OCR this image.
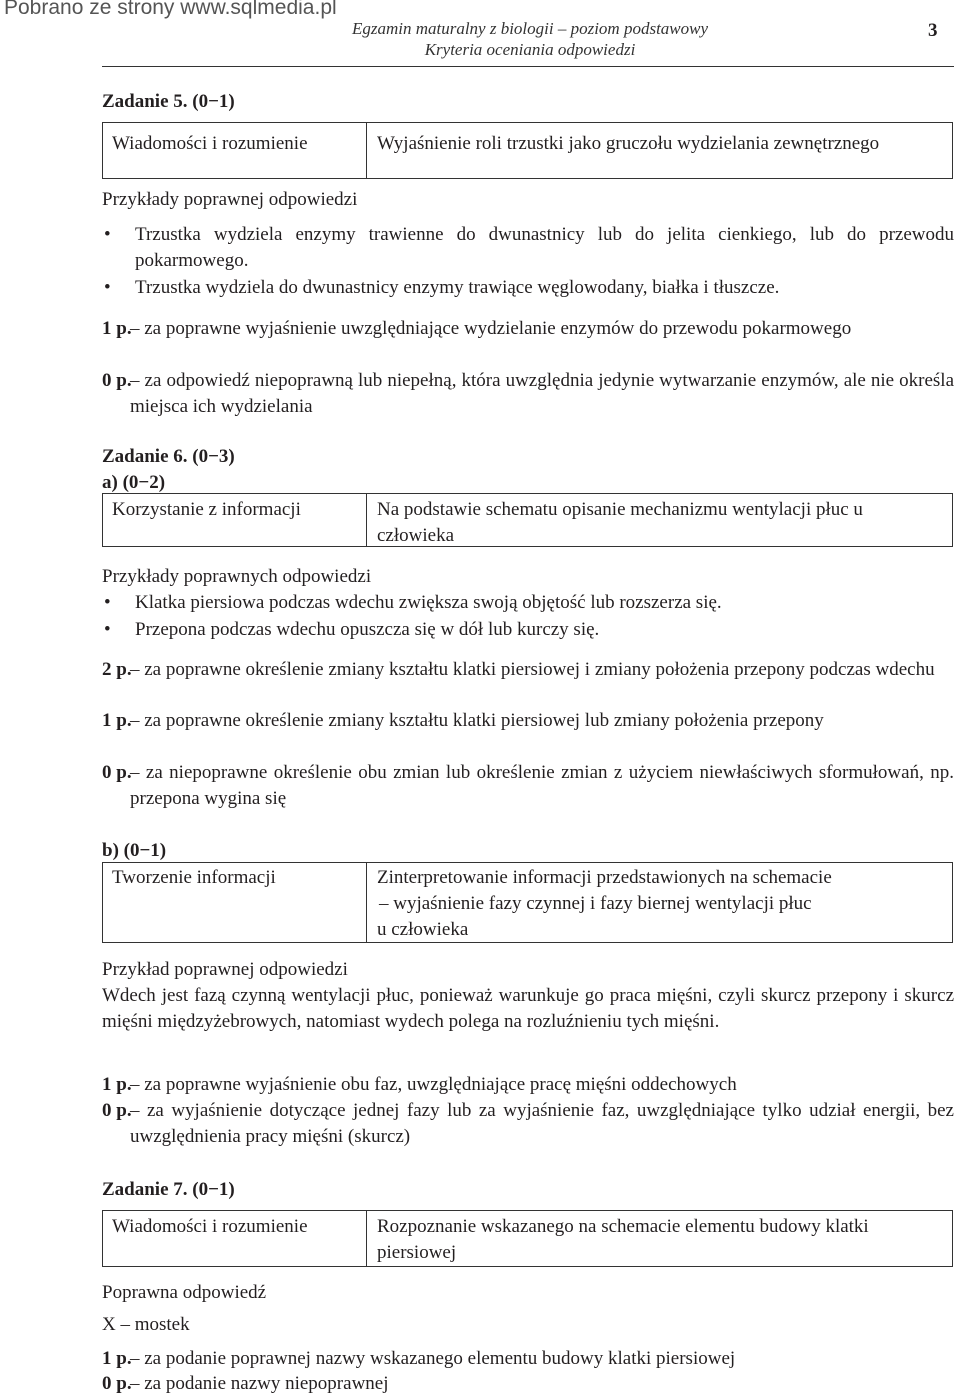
Pobrano ze strony www.sqlmedia.pl
Egzamin maturalny z biologii – poziom podstawowy
Kryteria oceniania odpowiedzi
3
Zadanie 5. (0−1)
Wiadomości i rozumienie	Wyjaśnienie roli trzustki jako gruczołu wydzielania zewnętrznego
Przykłady poprawnej odpowiedzi
• Trzustka wydziela enzymy trawienne do dwunastnicy lub do jelita cienkiego, lub do przewodu pokarmowego.
• Trzustka wydziela do dwunastnicy enzymy trawiące węglowodany, białka i tłuszcze.
1 p.
– za poprawne wyjaśnienie uwzględniające wydzielanie enzymów do przewodu pokarmowego
0 p.
– za odpowiedź niepoprawną lub niepełną, która uwzględnia jedynie wytwarzanie enzymów, ale nie określa miejsca ich wydzielania
Zadanie 6. (0−3)
a) (0−2)
Korzystanie z informacji	Na podstawie schematu opisanie mechanizmu wentylacji płuc u człowieka
Przykłady poprawnych odpowiedzi
• Klatka piersiowa podczas wdechu zwiększa swoją objętość lub rozszerza się.
• Przepona podczas wdechu opuszcza się w dół lub kurczy się.
2 p.
– za poprawne określenie zmiany kształtu klatki piersiowej i zmiany położenia przepony podczas wdechu
1 p.
– za poprawne określenie zmiany kształtu klatki piersiowej lub zmiany położenia przepony
0 p.
– za niepoprawne określenie obu zmian lub określenie zmian z użyciem niewłaściwych sformułowań, np. przepona wygina się
b) (0−1)
Tworzenie informacji	Zinterpretowanie informacji przedstawionych na schemacie
– wyjaśnienie fazy czynnej i fazy biernej wentylacji płuc
u człowieka
Przykład poprawnej odpowiedzi
Wdech jest fazą czynną wentylacji płuc, ponieważ warunkuje go praca mięśni, czyli skurcz przepony i skurcz mięśni międzyżebrowych, natomiast wydech polega na rozluźnieniu tych mięśni.
1 p.
– za poprawne wyjaśnienie obu faz, uwzględniające pracę mięśni oddechowych
0 p.
– za wyjaśnienie dotyczące jednej fazy lub za wyjaśnienie faz, uwzględniające tylko udział energii, bez uwzględnienia pracy mięśni (skurcz)
Zadanie 7. (0−1)
Wiadomości i rozumienie	Rozpoznanie wskazanego na schemacie elementu budowy klatki piersiowej
Poprawna odpowiedź
X – mostek
1 p.
– za podanie poprawnej nazwy wskazanego elementu budowy klatki piersiowej
0 p.
– za podanie nazwy niepoprawnej
